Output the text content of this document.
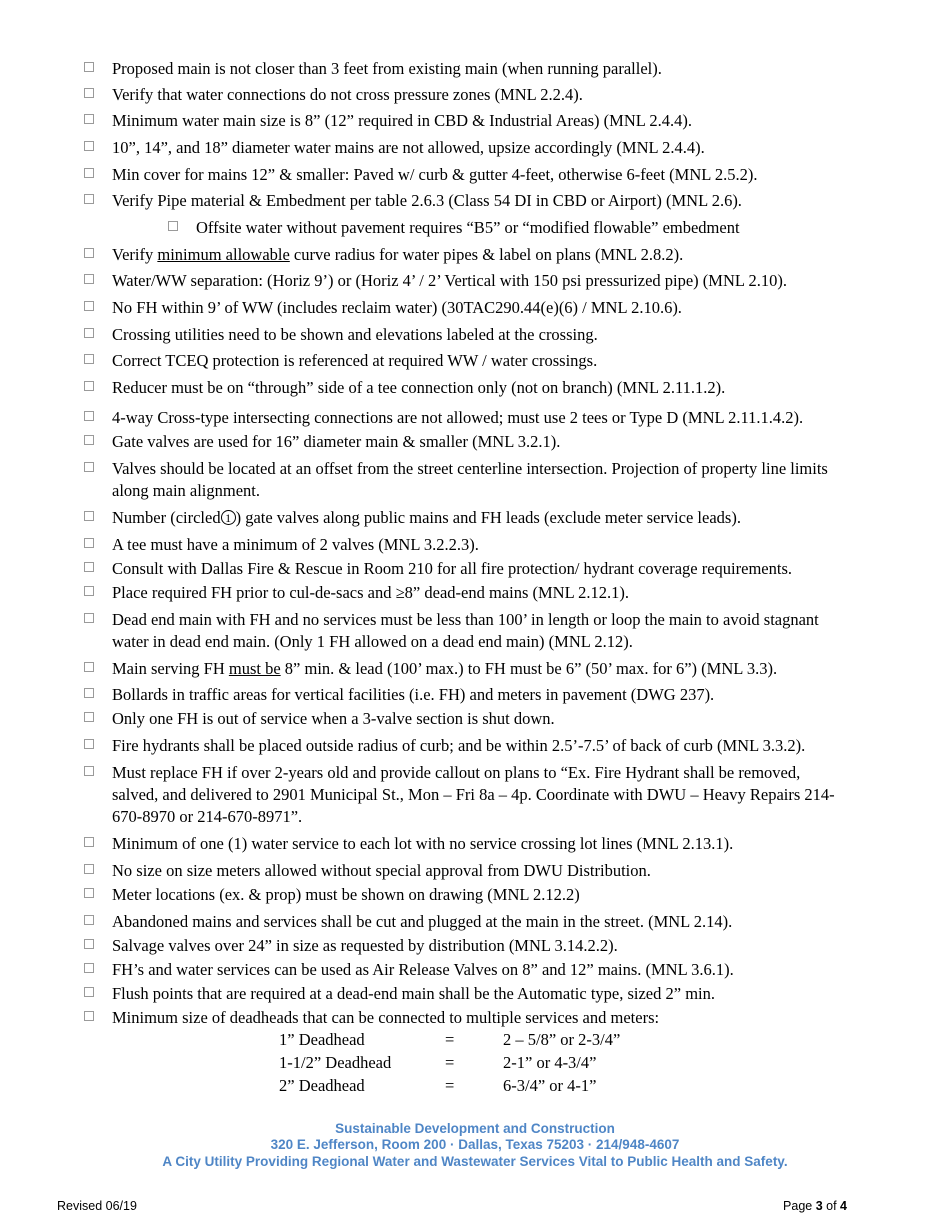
Proposed main is not closer than 3 feet from existing main (when running parallel).
Verify that water connections do not cross pressure zones (MNL 2.2.4).
Minimum water main size is 8” (12” required in CBD & Industrial Areas) (MNL 2.4.4).
10”, 14”, and 18” diameter water mains are not allowed, upsize accordingly (MNL 2.4.4).
Min cover for mains 12” & smaller: Paved w/ curb & gutter 4-feet, otherwise 6-feet (MNL 2.5.2).
Verify Pipe material & Embedment per table 2.6.3 (Class 54 DI in CBD or Airport) (MNL 2.6).
Offsite water without pavement requires “B5” or “modified flowable” embedment
Verify minimum allowable curve radius for water pipes & label on plans (MNL 2.8.2).
Water/WW separation: (Horiz 9’) or (Horiz 4’ / 2’ Vertical with 150 psi pressurized pipe) (MNL 2.10).
No FH within 9’ of WW (includes reclaim water) (30TAC290.44(e)(6) / MNL 2.10.6).
Crossing utilities need to be shown and elevations labeled at the crossing.
Correct TCEQ protection is referenced at required WW / water crossings.
Reducer must be on “through” side of a tee connection only (not on branch) (MNL 2.11.1.2).
4-way Cross-type intersecting connections are not allowed; must use 2 tees or Type D (MNL 2.11.1.4.2).
Gate valves are used for 16” diameter main & smaller (MNL 3.2.1).
Valves should be located at an offset from the street centerline intersection. Projection of property line limits along main alignment.
Number (circled 1 ) gate valves along public mains and FH leads (exclude meter service leads).
A tee must have a minimum of 2 valves (MNL 3.2.2.3).
Consult with Dallas Fire & Rescue in Room 210 for all fire protection/ hydrant coverage requirements.
Place required FH prior to cul-de-sacs and ≥8” dead-end mains (MNL 2.12.1).
Dead end main with FH and no services must be less than 100’ in length or loop the main to avoid stagnant water in dead end main. (Only 1 FH allowed on a dead end main) (MNL 2.12).
Main serving FH must be 8” min. & lead (100’ max.) to FH must be 6” (50’ max. for 6”) (MNL 3.3).
Bollards in traffic areas for vertical facilities (i.e. FH) and meters in pavement (DWG 237).
Only one FH is out of service when a 3-valve section is shut down.
Fire hydrants shall be placed outside radius of curb; and be within 2.5’-7.5’ of back of curb (MNL 3.3.2).
Must replace FH if over 2-years old and provide callout on plans to “Ex. Fire Hydrant shall be removed, salved, and delivered to 2901 Municipal St., Mon – Fri 8a – 4p. Coordinate with DWU – Heavy Repairs 214-670-8970 or 214-670-8971”.
Minimum of one (1) water service to each lot with no service crossing lot lines (MNL 2.13.1).
No size on size meters allowed without special approval from DWU Distribution.
Meter locations (ex. & prop) must be shown on drawing (MNL 2.12.2)
Abandoned mains and services shall be cut and plugged at the main in the street. (MNL 2.14).
Salvage valves over 24” in size as requested by distribution (MNL 3.14.2.2).
FH’s and water services can be used as Air Release Valves on 8” and 12” mains. (MNL 3.6.1).
Flush points that are required at a dead-end main shall be the Automatic type, sized 2” min.
Minimum size of deadheads that can be connected to multiple services and meters:
1” Deadhead	=	2 – 5/8” or 2-3/4”
1-1/2” Deadhead	=	2-1” or 4-3/4”
2” Deadhead	=	6-3/4” or 4-1”
Sustainable Development and Construction
320 E. Jefferson, Room 200 · Dallas, Texas 75203 · 214/948-4607
A City Utility Providing Regional Water and Wastewater Services Vital to Public Health and Safety.
Revised 06/19	Page 3 of 4
